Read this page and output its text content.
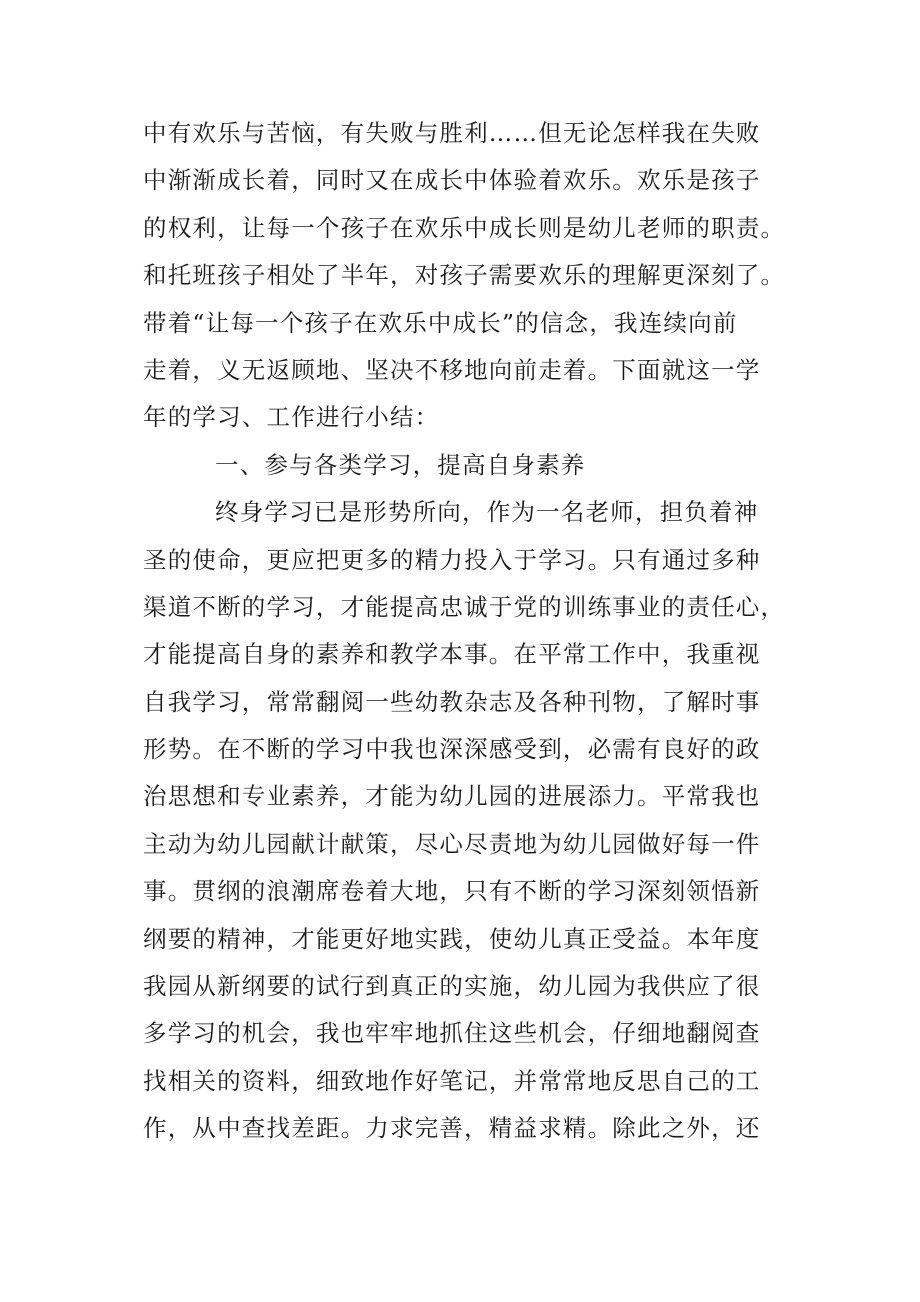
中有欢乐与苦恼，有失败与胜利……但无论怎样我在失败
中渐渐成长着，同时又在成长中体验着欢乐。欢乐是孩子
的权利，让每一个孩子在欢乐中成长则是幼儿老师的职责。
和托班孩子相处了半年，对孩子需要欢乐的理解更深刻了。
带着“让每一个孩子在欢乐中成长”的信念，我连续向前
走着，义无返顾地、坚决不移地向前走着。下面就这一学
年的学习、工作进行小结：
一、参与各类学习，提高自身素养
终身学习已是形势所向，作为一名老师，担负着神
圣的使命，更应把更多的精力投入于学习。只有通过多种
渠道不断的学习，才能提高忠诚于党的训练事业的责任心，
才能提高自身的素养和教学本事。在平常工作中，我重视
自我学习，常常翻阅一些幼教杂志及各种刊物，了解时事
形势。在不断的学习中我也深深感受到，必需有良好的政
治思想和专业素养，才能为幼儿园的进展添力。平常我也
主动为幼儿园献计献策，尽心尽责地为幼儿园做好每一件
事。贯纲的浪潮席卷着大地，只有不断的学习深刻领悟新
纲要的精神，才能更好地实践，使幼儿真正受益。本年度
我园从新纲要的试行到真正的实施，幼儿园为我供应了很
多学习的机会，我也牢牢地抓住这些机会，仔细地翻阅查
找相关的资料，细致地作好笔记，并常常地反思自己的工
作，从中查找差距。力求完善，精益求精。除此之外，还
